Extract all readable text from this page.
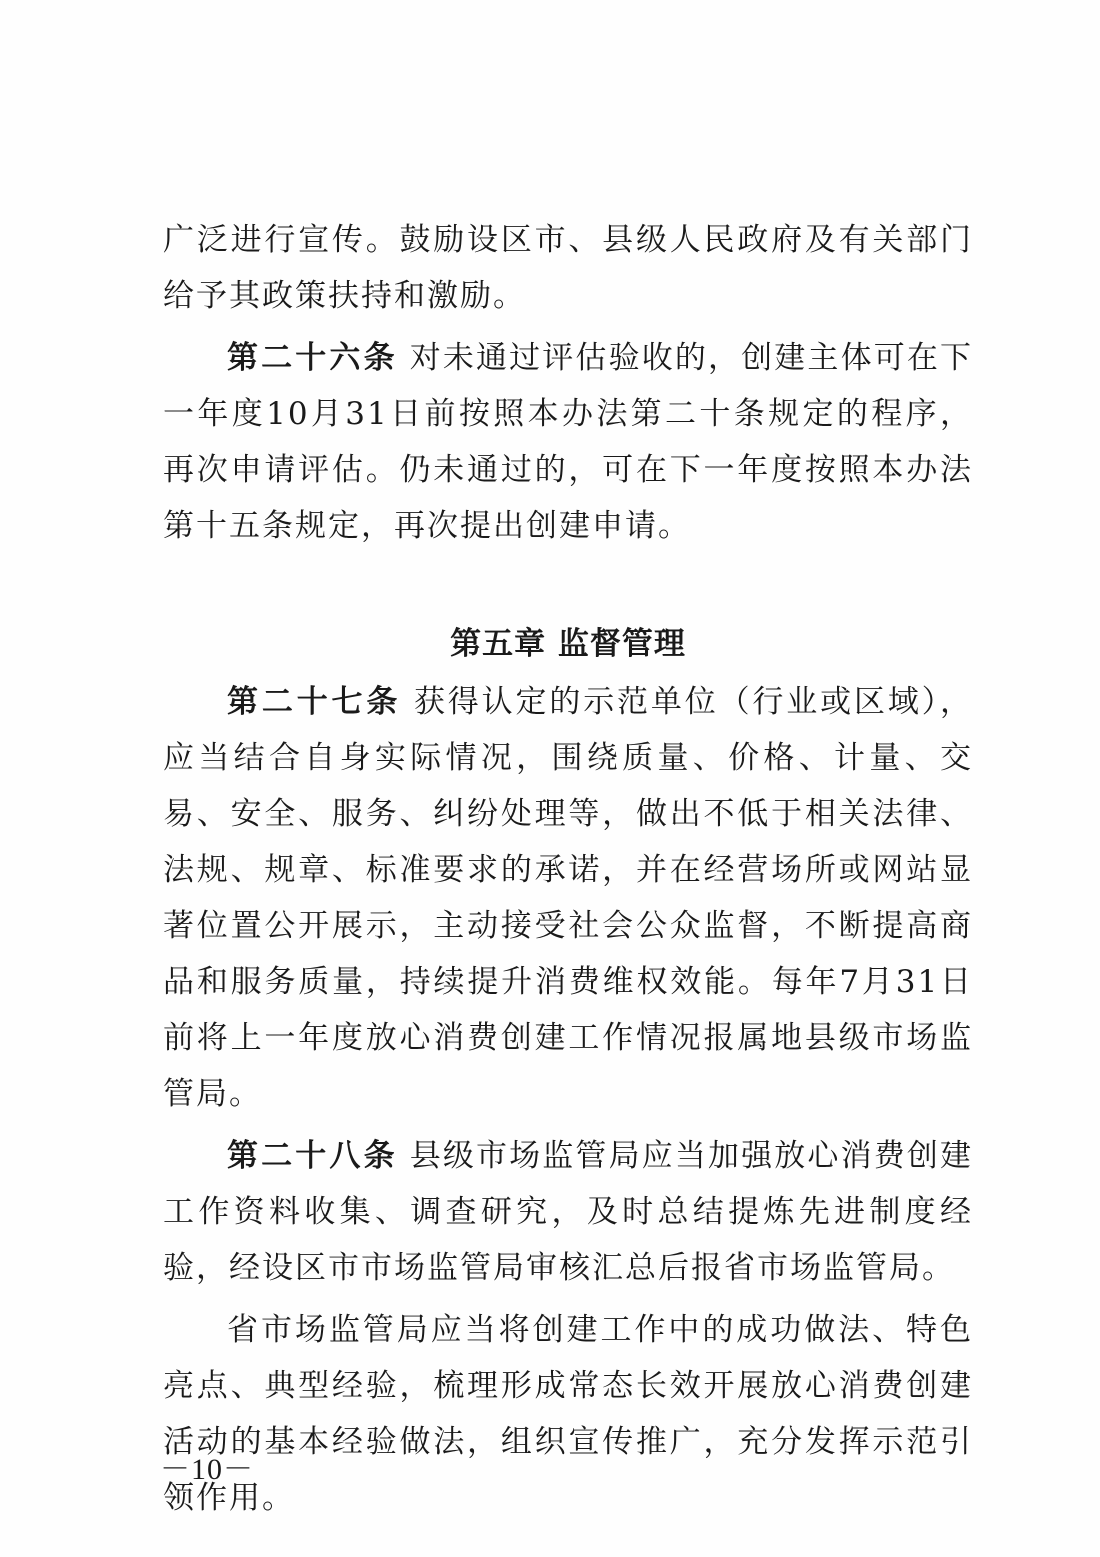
广泛进行宣传。鼓励设区市、县级人民政府及有关部门给予其政策扶持和激励。

第二十六条 对未通过评估验收的，创建主体可在下一年度10月31日前按照本办法第二十条规定的程序，再次申请评估。仍未通过的，可在下一年度按照本办法第十五条规定，再次提出创建申请。

第五章 监督管理

第二十七条 获得认定的示范单位（行业或区域），应当结合自身实际情况，围绕质量、价格、计量、交易、安全、服务、纠纷处理等，做出不低于相关法律、法规、规章、标准要求的承诺，并在经营场所或网站显著位置公开展示，主动接受社会公众监督，不断提高商品和服务质量，持续提升消费维权效能。每年7月31日前将上一年度放心消费创建工作情况报属地县级市场监管局。

第二十八条 县级市场监管局应当加强放心消费创建工作资料收集、调查研究，及时总结提炼先进制度经验，经设区市市场监管局审核汇总后报省市场监管局。

省市场监管局应当将创建工作中的成功做法、特色亮点、典型经验，梳理形成常态长效开展放心消费创建活动的基本经验做法，组织宣传推广，充分发挥示范引领作用。

－10－
